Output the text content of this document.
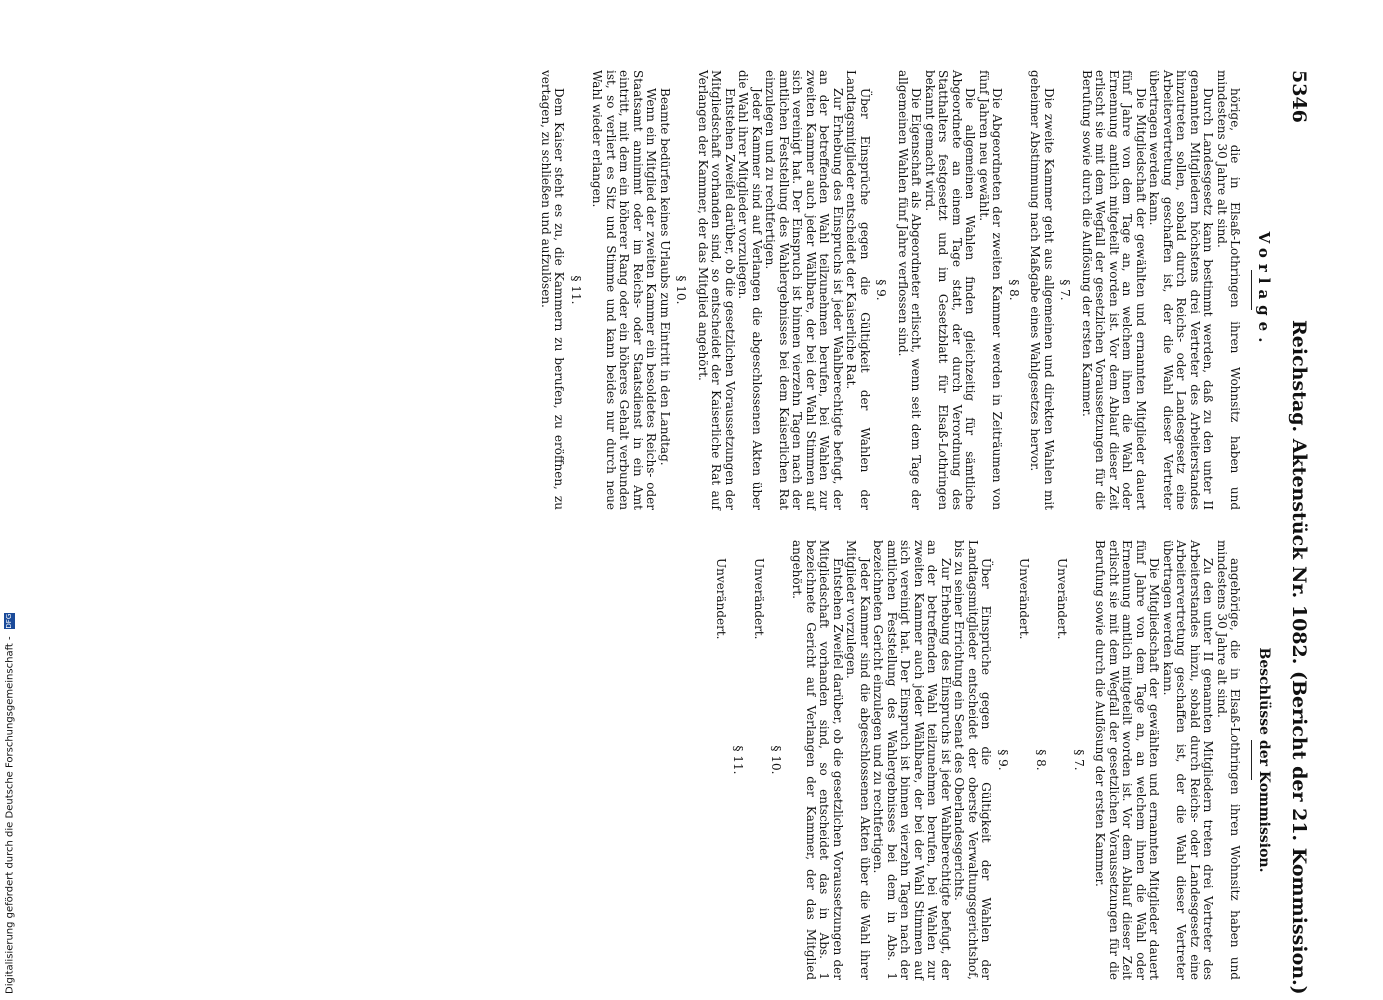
5346
Reichstag. Aktenstück Nr. 1082. (Bericht der 21. Kommission.)
Vorlage.

hörige, die in Elsaß-Lothringen ihren Wohnsitz haben und mindestens 30 Jahre alt sind.

Durch Landesgesetz kann bestimmt werden, daß zu den unter II genannten Mitgliedern höchstens drei Vertreter des Arbeiterstandes hinzutreten sollen, sobald durch Reichs- oder Landesgesetz eine Arbeitervertretung geschaffen ist, der die Wahl dieser Vertreter übertragen werden kann.

Die Mitgliedschaft der gewählten und ernannten Mitglieder dauert fünf Jahre von dem Tage an, an welchem ihnen die Wahl oder Ernennung amtlich mitgeteilt worden ist. Vor dem Ablauf dieser Zeit erlischt sie mit dem Wegfall der gesetzlichen Voraussetzungen für die Berufung sowie durch die Auflösung der ersten Kammer.

§ 7.

Die zweite Kammer geht aus allgemeinen und direkten Wahlen mit geheimer Abstimmung nach Maßgabe eines Wahlgesetzes hervor.

§ 8.

Die Abgeordneten der zweiten Kammer werden in Zeiträumen von fünf Jahren neu gewählt.

Die allgemeinen Wahlen finden gleichzeitig für sämtliche Abgeordnete an einem Tage statt, der durch Verordnung des Statthalters festgesetzt und im Gesetzblatt für Elsaß-Lothringen bekannt gemacht wird.

Die Eigenschaft als Abgeordneter erlischt, wenn seit dem Tage der allgemeinen Wahlen fünf Jahre verflossen sind.

§ 9.

Über Einsprüche gegen die Gültigkeit der Wahlen der Landtagsmitglieder entscheidet der Kaiserliche Rat.

Zur Erhebung des Einspruchs ist jeder Wahlberechtigte befugt, der an der betreffenden Wahl teilzunehmen berufen, bei Wahlen zur zweiten Kammer auch jeder Wählbare, der bei der Wahl Stimmen auf sich vereinigt hat. Der Einspruch ist binnen vierzehn Tagen nach der amtlichen Feststellung des Wahlergebnisses bei dem Kaiserlichen Rat einzulegen und zu rechtfertigen.

Jeder Kammer sind auf Verlangen die abgeschlossenen Akten über die Wahl ihrer Mitglieder vorzulegen.

Entstehen Zweifel darüber, ob die gesetzlichen Voraussetzungen der Mitgliedschaft vorhanden sind, so entscheidet der Kaiserliche Rat auf Verlangen der Kammer, der das Mitglied angehört.

§ 10.

Beamte bedürfen keines Urlaubs zum Eintritt in den Landtag.

Wenn ein Mitglied der zweiten Kammer ein besoldetes Reichs- oder Staatsamt annimmt oder im Reichs- oder Staatsdienst in ein Amt eintritt, mit dem ein höherer Rang oder ein höheres Gehalt verbunden ist, so verliert es Sitz und Stimme und kann beides nur durch neue Wahl wieder erlangen.

§ 11.

Dem Kaiser steht es zu, die Kammern zu berufen, zu eröffnen, zu vertagen, zu schließen und aufzulösen.

Beschlüsse der Kommission.

angehörige, die in Elsaß-Lothringen ihren Wohnsitz haben und mindestens 30 Jahre alt sind.

Zu den unter II genannten Mitgliedern treten drei Vertreter des Arbeiterstandes hinzu, sobald durch Reichs- oder Landesgesetz eine Arbeitervertretung geschaffen ist, der die Wahl dieser Vertreter übertragen werden kann.

Die Mitgliedschaft der gewählten und ernannten Mitglieder dauert fünf Jahre von dem Tage an, an welchem ihnen die Wahl oder Ernennung amtlich mitgeteilt worden ist. Vor dem Ablauf dieser Zeit erlischt sie mit dem Wegfall der gesetzlichen Voraussetzungen für die Berufung sowie durch die Auflösung der ersten Kammer.

§ 7.

Unverändert.

§ 8.

Unverändert.

§ 9.

Über Einsprüche gegen die Gültigkeit der Wahlen der Landtagsmitglieder entscheidet der oberste Verwaltungsgerichtshof, bis zu seiner Errichtung ein Senat des Oberlandesgerichts.

Zur Erhebung des Einspruchs ist jeder Wahlberechtigte befugt, der an der betreffenden Wahl teilzunehmen berufen, bei Wahlen zur zweiten Kammer auch jeder Wählbare, der bei der Wahl Stimmen auf sich vereinigt hat. Der Einspruch ist binnen vierzehn Tagen nach der amtlichen Feststellung des Wahlergebnisses bei dem in Abs. 1 bezeichneten Gericht einzulegen und zu rechtfertigen.

Jeder Kammer sind die abgeschlossenen Akten über die Wahl ihrer Mitglieder vorzulegen.

Entstehen Zweifel darüber, ob die gesetzlichen Voraussetzungen der Mitgliedschaft vorhanden sind, so entscheidet das in Abs. 1 bezeichnete Gericht auf Verlangen der Kammer, der das Mitglied angehört.

§ 10.

Unverändert.

§ 11.

Unverändert.

Digitalisierung gefördert durch die Deutsche Forschungsgemeinschaft - DFG
